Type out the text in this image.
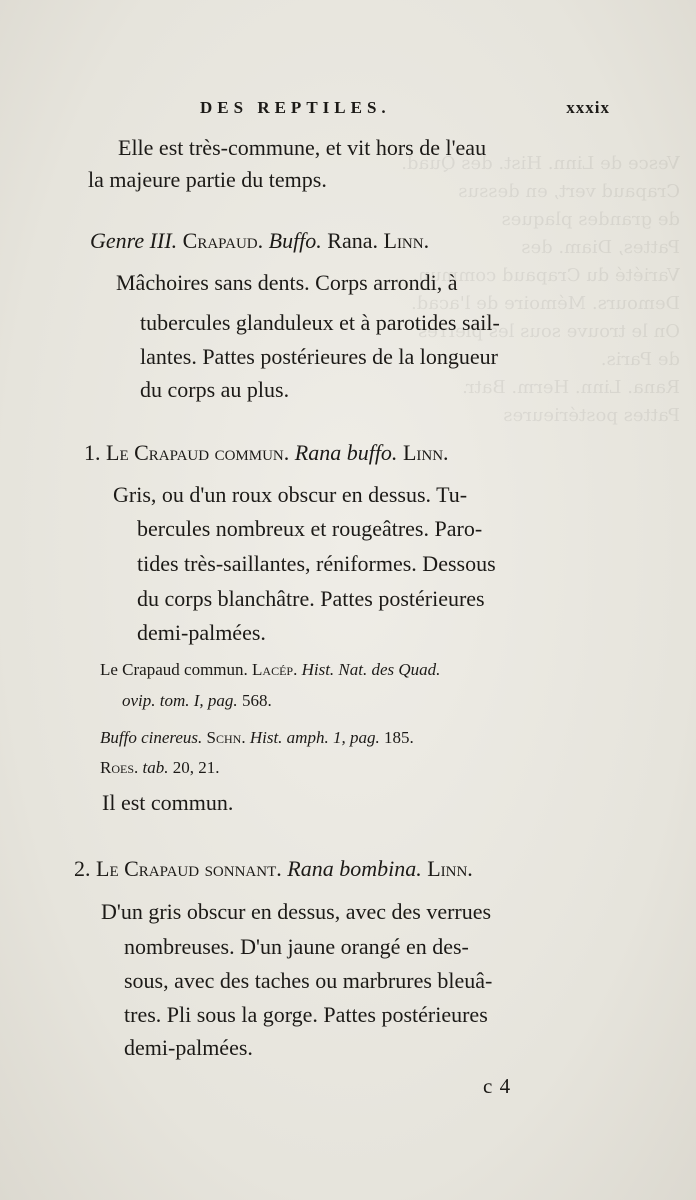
Vesce de Linn. Hist. des Quad.
Crapaud vert, en dessus
de grandes plaques
Pattes, Diam. des
Variété du Crapaud commun.
Demours. Mémoire de l'acad.
On le trouve sous les pierres
de Paris.
Rana. Linn. Herm. Batr.
Pattes postérieures
DES REPTILES.	xxxix
Elle est très-commune, et vit hors de l'eau
la majeure partie du temps.
Genre III. Crapaud. Buffo. Rana. Linn.
Mâchoires sans dents. Corps arrondi, à
tubercules glanduleux et à parotides sail-
lantes. Pattes postérieures de la longueur
du corps au plus.
1. Le Crapaud commun. Rana buffo. Linn.
Gris, ou d'un roux obscur en dessus. Tu-
bercules nombreux et rougeâtres. Paro-
tides très-saillantes, réniformes. Dessous
du corps blanchâtre. Pattes postérieures
demi-palmées.
Le Crapaud commun. Lacép. Hist. Nat. des Quad.
ovip. tom. I, pag. 568.
Buffo cinereus. Schn. Hist. amph. 1, pag. 185.
Roes. tab. 20, 21.
Il est commun.
2. Le Crapaud sonnant. Rana bombina. Linn.
D'un gris obscur en dessus, avec des verrues
nombreuses. D'un jaune orangé en des-
sous, avec des taches ou marbrures bleuâ-
tres. Pli sous la gorge. Pattes postérieures
demi-palmées.
c 4
